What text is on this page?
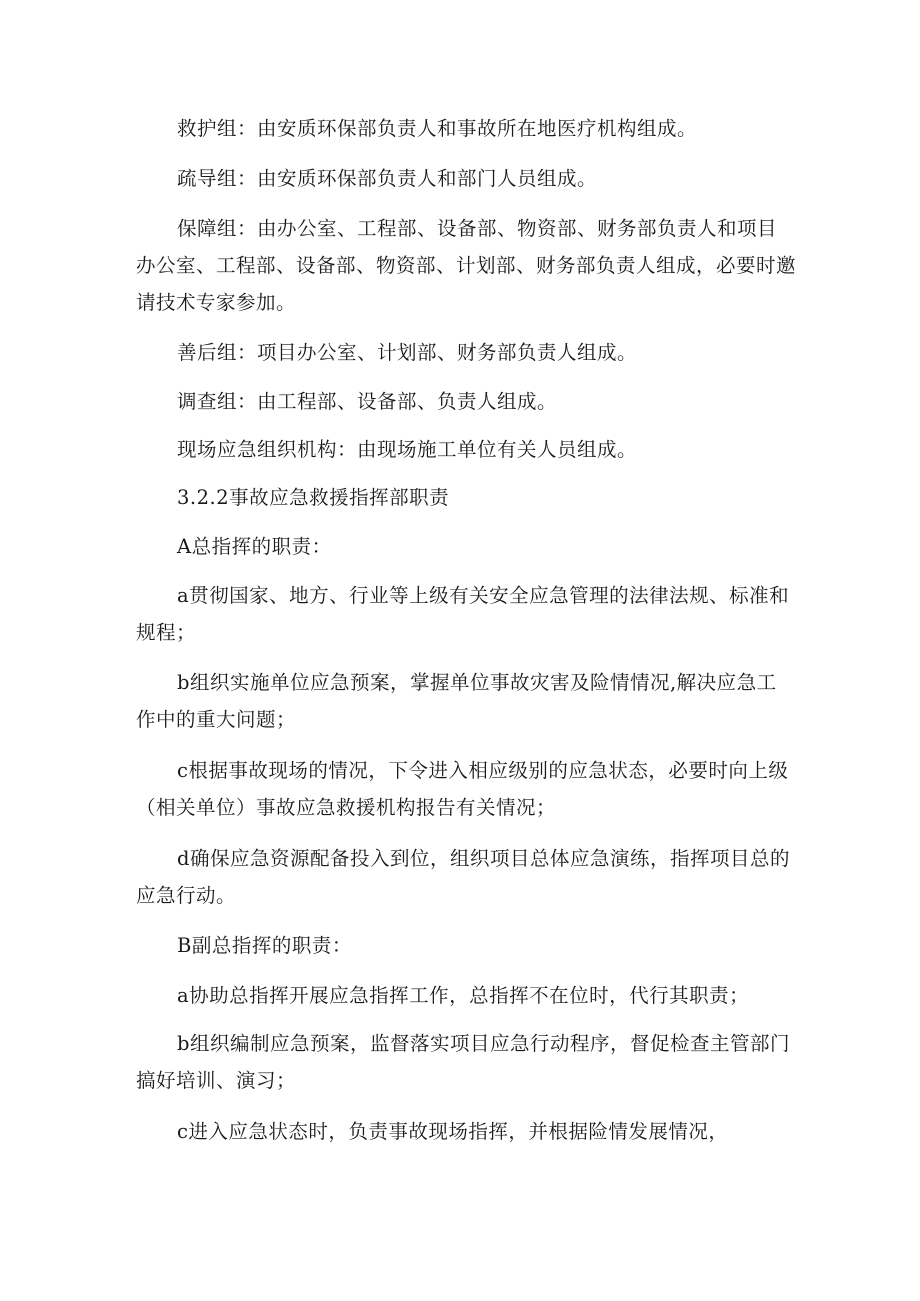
救护组：由安质环保部负责人和事故所在地医疗机构组成。

疏导组：由安质环保部负责人和部门人员组成。

保障组：由办公室、工程部、设备部、物资部、财务部负责人和项目办公室、工程部、设备部、物资部、计划部、财务部负责人组成，必要时邀请技术专家参加。

善后组：项目办公室、计划部、财务部负责人组成。

调查组：由工程部、设备部、负责人组成。

现场应急组织机构：由现场施工单位有关人员组成。

3.2.2事故应急救援指挥部职责

A总指挥的职责：

a贯彻国家、地方、行业等上级有关安全应急管理的法律法规、标准和规程；

b组织实施单位应急预案，掌握单位事故灾害及险情情况,解决应急工作中的重大问题；

c根据事故现场的情况，下令进入相应级别的应急状态，必要时向上级（相关单位）事故应急救援机构报告有关情况；

d确保应急资源配备投入到位，组织项目总体应急演练，指挥项目总的应急行动。

B副总指挥的职责：

a协助总指挥开展应急指挥工作，总指挥不在位时，代行其职责；

b组织编制应急预案，监督落实项目应急行动程序，督促检查主管部门搞好培训、演习；

c进入应急状态时，负责事故现场指挥，并根据险情发展情况，
